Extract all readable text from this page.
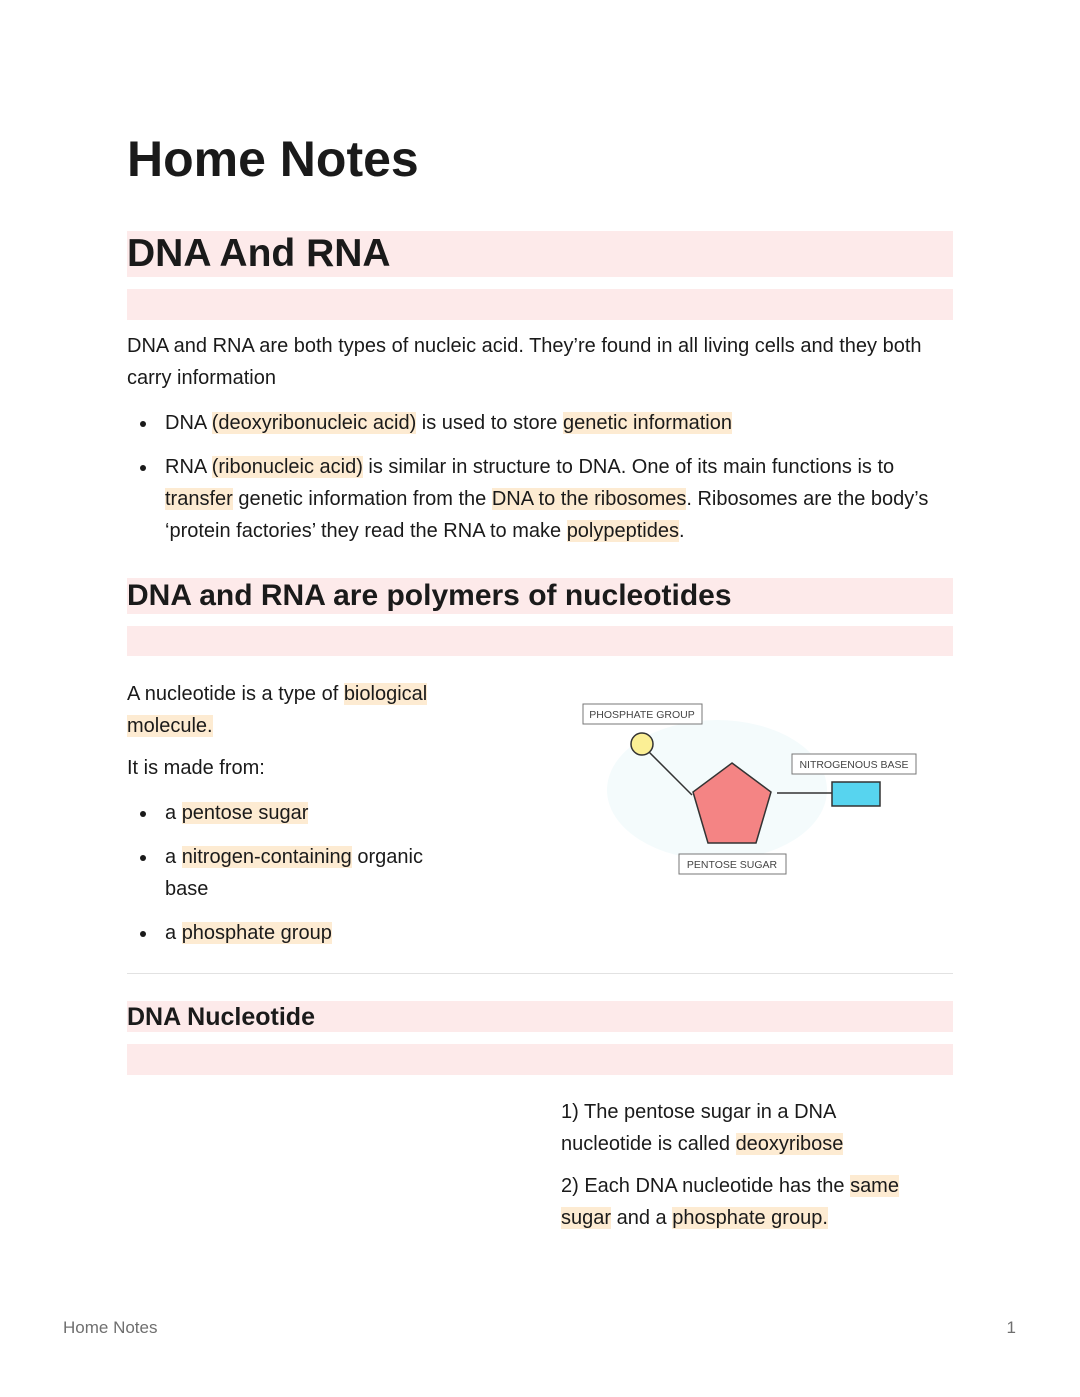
Home Notes
DNA And RNA

DNA and RNA are both types of nucleic acid. They’re found in all living cells and they both carry information

DNA (deoxyribonucleic acid) is used to store genetic information
RNA (ribonucleic acid) is similar in structure to DNA. One of its main functions is to transfer genetic information from the DNA to the ribosomes. Ribosomes are the body’s ‘protein factories’ they read the RNA to make polypeptides.
DNA and RNA are polymers of nucleotides

A nucleotide is a type of biological molecule.

It is made from:

a pentose sugar
a nitrogen-containing organic base
a phosphate group
PHOSPHATE GROUP
NITROGENOUS BASE
PENTOSE SUGAR
DNA Nucleotide

1) The pentose sugar in a DNA nucleotide is called deoxyribose

2) Each DNA nucleotide has the same sugar and a phosphate group.

Home Notes	1
